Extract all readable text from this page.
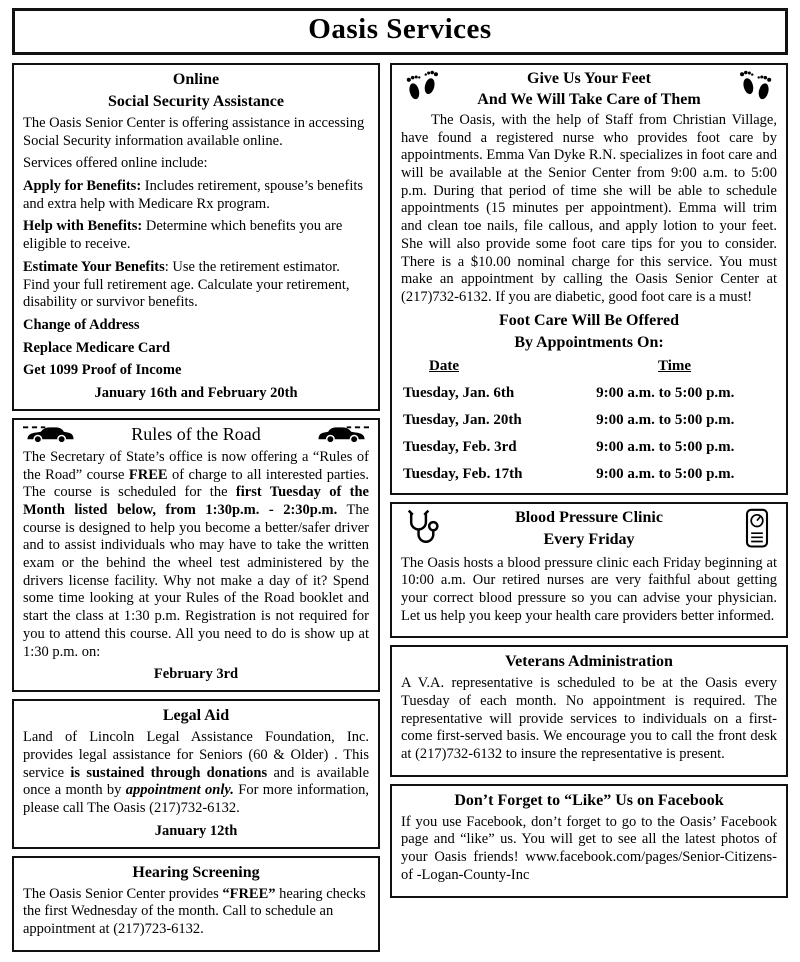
Oasis Services
Online
Social Security Assistance

The Oasis Senior Center is offering assistance in accessing Social Security information available online.

Services offered online include:

Apply for Benefits: Includes retirement, spouse’s benefits and extra help with Medicare Rx program.

Help with Benefits: Determine which benefits you are eligible to receive.

Estimate Your Benefits: Use the retirement estimator. Find your full retirement age. Calculate your retirement, disability or survivor benefits.

Change of Address

Replace Medicare Card

Get 1099 Proof of Income

January 16th and February 20th

Rules of the Road

The Secretary of State’s office is now offering a “Rules of the Road” course FREE of charge to all interested parties. The course is scheduled for the first Tuesday of the Month listed below, from 1:30p.m. - 2:30p.m. The course is designed to help you become a better/safer driver and to assist individuals who may have to take the written exam or the behind the wheel test administered by the drivers license facility. Why not make a day of it? Spend some time looking at your Rules of the Road booklet and start the class at 1:30 p.m. Registration is not required for you to attend this course. All you need to do is show up at 1:30 p.m. on:

February 3rd

Legal Aid

Land of Lincoln Legal Assistance Foundation, Inc. provides legal assistance for Seniors (60 & Older) . This service is sustained through donations and is available once a month by appointment only. For more information, please call The Oasis (217)732-6132.

January 12th

Hearing Screening

The Oasis Senior Center provides “FREE” hearing checks the first Wednesday of the month. Call to schedule an appointment at (217)723-6132.

Give Us Your Feet
And We Will Take Care of Them

The Oasis, with the help of Staff from Christian Village, have found a registered nurse who provides foot care by appointments. Emma Van Dyke R.N. specializes in foot care and will be available at the Senior Center from 9:00 a.m. to 5:00 p.m. During that period of time she will be able to schedule appointments (15 minutes per appointment). Emma will trim and clean toe nails, file callous, and apply lotion to your feet. She will also provide some foot care tips for you to consider. There is a $10.00 nominal charge for this service. You must make an appointment by calling the Oasis Senior Center at (217)732-6132. If you are diabetic, good foot care is a must!

Foot Care Will Be Offered
By Appointments On:
Date	Time
Tuesday, Jan. 6th	9:00 a.m. to 5:00 p.m.
Tuesday, Jan. 20th	9:00 a.m. to 5:00 p.m.
Tuesday, Feb. 3rd	9:00 a.m. to 5:00 p.m.
Tuesday, Feb. 17th	9:00 a.m. to 5:00 p.m.
Blood Pressure Clinic
Every Friday

The Oasis hosts a blood pressure clinic each Friday beginning at 10:00 a.m. Our retired nurses are very faithful about getting your correct blood pressure so you can advise your physician. Let us help you keep your health care providers better informed.

Veterans Administration

A V.A. representative is scheduled to be at the Oasis every Tuesday of each month. No appointment is required. The representative will provide services to individuals on a first- come first-served basis. We encourage you to call the front desk at (217)732-6132 to insure the representative is present.

Don’t Forget to “Like” Us on Facebook

If you use Facebook, don’t forget to go to the Oasis’ Facebook page and “like” us. You will get to see all the latest photos of your Oasis friends! www.facebook.com/pages/Senior-Citizens-of -Logan-County-Inc
